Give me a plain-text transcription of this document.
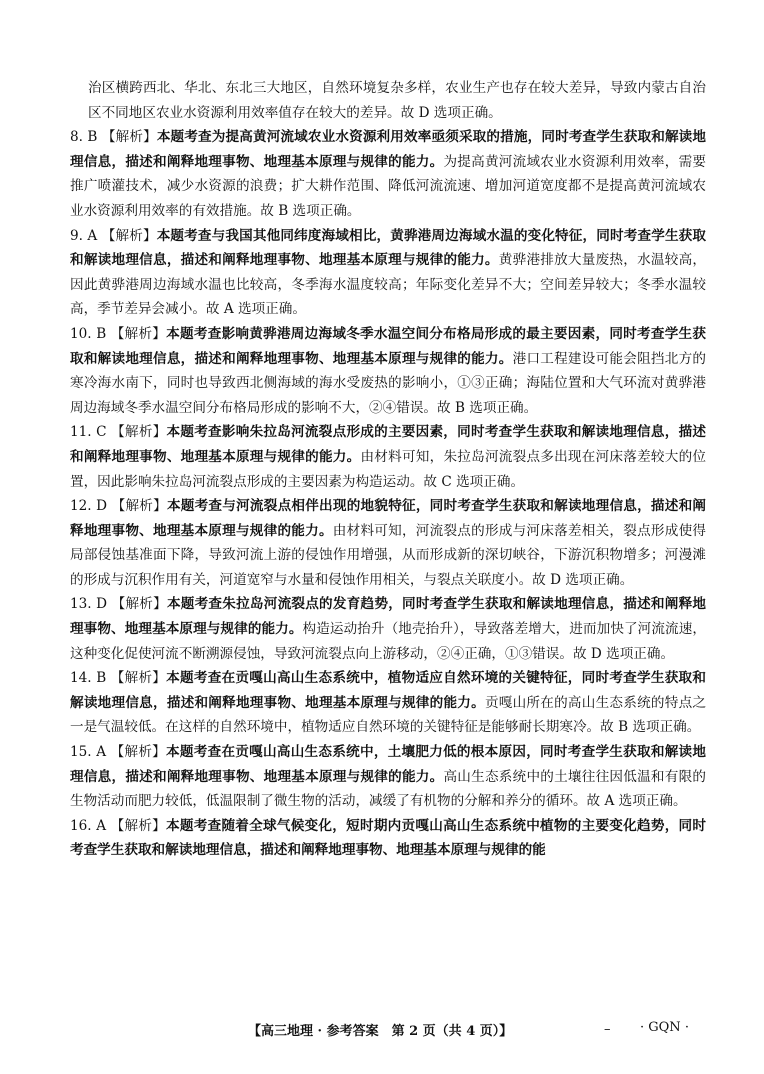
治区横跨西北、华北、东北三大地区，自然环境复杂多样，农业生产也存在较大差异，导致内蒙古自治区不同地区农业水资源利用效率值存在较大的差异。故 D 选项正确。

8. B 【解析】本题考查为提高黄河流域农业水资源利用效率亟须采取的措施，同时考查学生获取和解读地理信息，描述和阐释地理事物、地理基本原理与规律的能力。为提高黄河流域农业水资源利用效率，需要推广喷灌技术，减少水资源的浪费；扩大耕作范围、降低河流流速、增加河道宽度都不是提高黄河流域农业水资源利用效率的有效措施。故 B 选项正确。

9. A 【解析】本题考查与我国其他同纬度海域相比，黄骅港周边海域水温的变化特征，同时考查学生获取和解读地理信息，描述和阐释地理事物、地理基本原理与规律的能力。黄骅港排放大量废热，水温较高，因此黄骅港周边海域水温也比较高，冬季海水温度较高；年际变化差异不大；空间差异较大；冬季水温较高，季节差异会减小。故 A 选项正确。

10. B 【解析】本题考查影响黄骅港周边海域冬季水温空间分布格局形成的最主要因素，同时考查学生获取和解读地理信息，描述和阐释地理事物、地理基本原理与规律的能力。港口工程建设可能会阻挡北方的寒冷海水南下，同时也导致西北侧海域的海水受废热的影响小，①③正确；海陆位置和大气环流对黄骅港周边海域冬季水温空间分布格局形成的影响不大，②④错误。故 B 选项正确。

11. C 【解析】本题考查影响朱拉岛河流裂点形成的主要因素，同时考查学生获取和解读地理信息，描述和阐释地理事物、地理基本原理与规律的能力。由材料可知，朱拉岛河流裂点多出现在河床落差较大的位置，因此影响朱拉岛河流裂点形成的主要因素为构造运动。故 C 选项正确。

12. D 【解析】本题考查与河流裂点相伴出现的地貌特征，同时考查学生获取和解读地理信息，描述和阐释地理事物、地理基本原理与规律的能力。由材料可知，河流裂点的形成与河床落差相关，裂点形成使得局部侵蚀基准面下降，导致河流上游的侵蚀作用增强，从而形成新的深切峡谷，下游沉积物增多；河漫滩的形成与沉积作用有关，河道宽窄与水量和侵蚀作用相关，与裂点关联度小。故 D 选项正确。

13. D 【解析】本题考查朱拉岛河流裂点的发育趋势，同时考查学生获取和解读地理信息，描述和阐释地理事物、地理基本原理与规律的能力。构造运动抬升（地壳抬升），导致落差增大，进而加快了河流流速，这种变化促使河流不断溯源侵蚀，导致河流裂点向上游移动，②④正确，①③错误。故 D 选项正确。

14. B 【解析】本题考查在贡嘎山高山生态系统中，植物适应自然环境的关键特征，同时考查学生获取和解读地理信息，描述和阐释地理事物、地理基本原理与规律的能力。贡嘎山所在的高山生态系统的特点之一是气温较低。在这样的自然环境中，植物适应自然环境的关键特征是能够耐长期寒冷。故 B 选项正确。

15. A 【解析】本题考查在贡嘎山高山生态系统中，土壤肥力低的根本原因，同时考查学生获取和解读地理信息，描述和阐释地理事物、地理基本原理与规律的能力。高山生态系统中的土壤往往因低温和有限的生物活动而肥力较低，低温限制了微生物的活动，减缓了有机物的分解和养分的循环。故 A 选项正确。

16. A 【解析】本题考查随着全球气候变化，短时期内贡嘎山高山生态系统中植物的主要变化趋势，同时考查学生获取和解读地理信息，描述和阐释地理事物、地理基本原理与规律的能

【高三地理 · 参考答案　第 2 页（共 4 页）】	– · GQN ·
